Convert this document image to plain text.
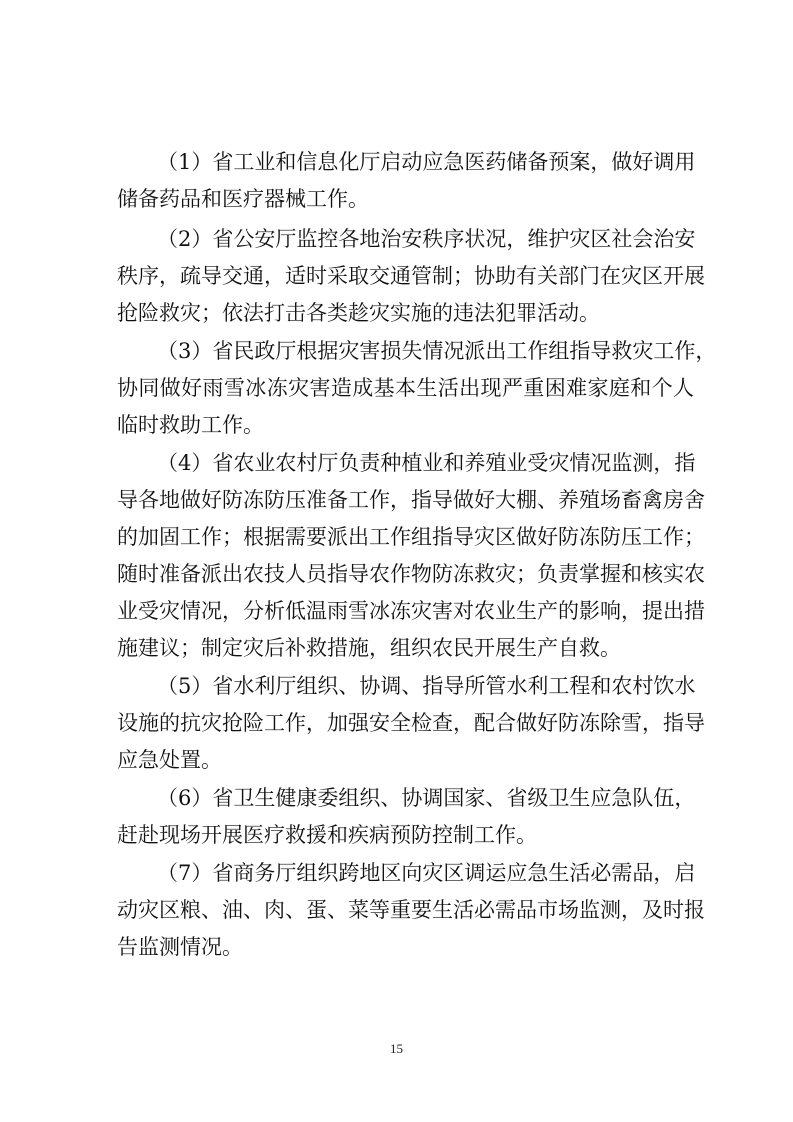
（1）省工业和信息化厅启动应急医药储备预案，做好调用
储备药品和医疗器械工作。
（2）省公安厅监控各地治安秩序状况，维护灾区社会治安
秩序，疏导交通，适时采取交通管制；协助有关部门在灾区开展
抢险救灾；依法打击各类趁灾实施的违法犯罪活动。
（3）省民政厅根据灾害损失情况派出工作组指导救灾工作，
协同做好雨雪冰冻灾害造成基本生活出现严重困难家庭和个人
临时救助工作。
（4）省农业农村厅负责种植业和养殖业受灾情况监测，指
导各地做好防冻防压准备工作，指导做好大棚、养殖场畜禽房舍
的加固工作；根据需要派出工作组指导灾区做好防冻防压工作；
随时准备派出农技人员指导农作物防冻救灾；负责掌握和核实农
业受灾情况，分析低温雨雪冰冻灾害对农业生产的影响，提出措
施建议；制定灾后补救措施，组织农民开展生产自救。
（5）省水利厅组织、协调、指导所管水利工程和农村饮水
设施的抗灾抢险工作，加强安全检查，配合做好防冻除雪，指导
应急处置。
（6）省卫生健康委组织、协调国家、省级卫生应急队伍，
赶赴现场开展医疗救援和疾病预防控制工作。
（7）省商务厅组织跨地区向灾区调运应急生活必需品，启
动灾区粮、油、肉、蛋、菜等重要生活必需品市场监测，及时报
告监测情况。
15
